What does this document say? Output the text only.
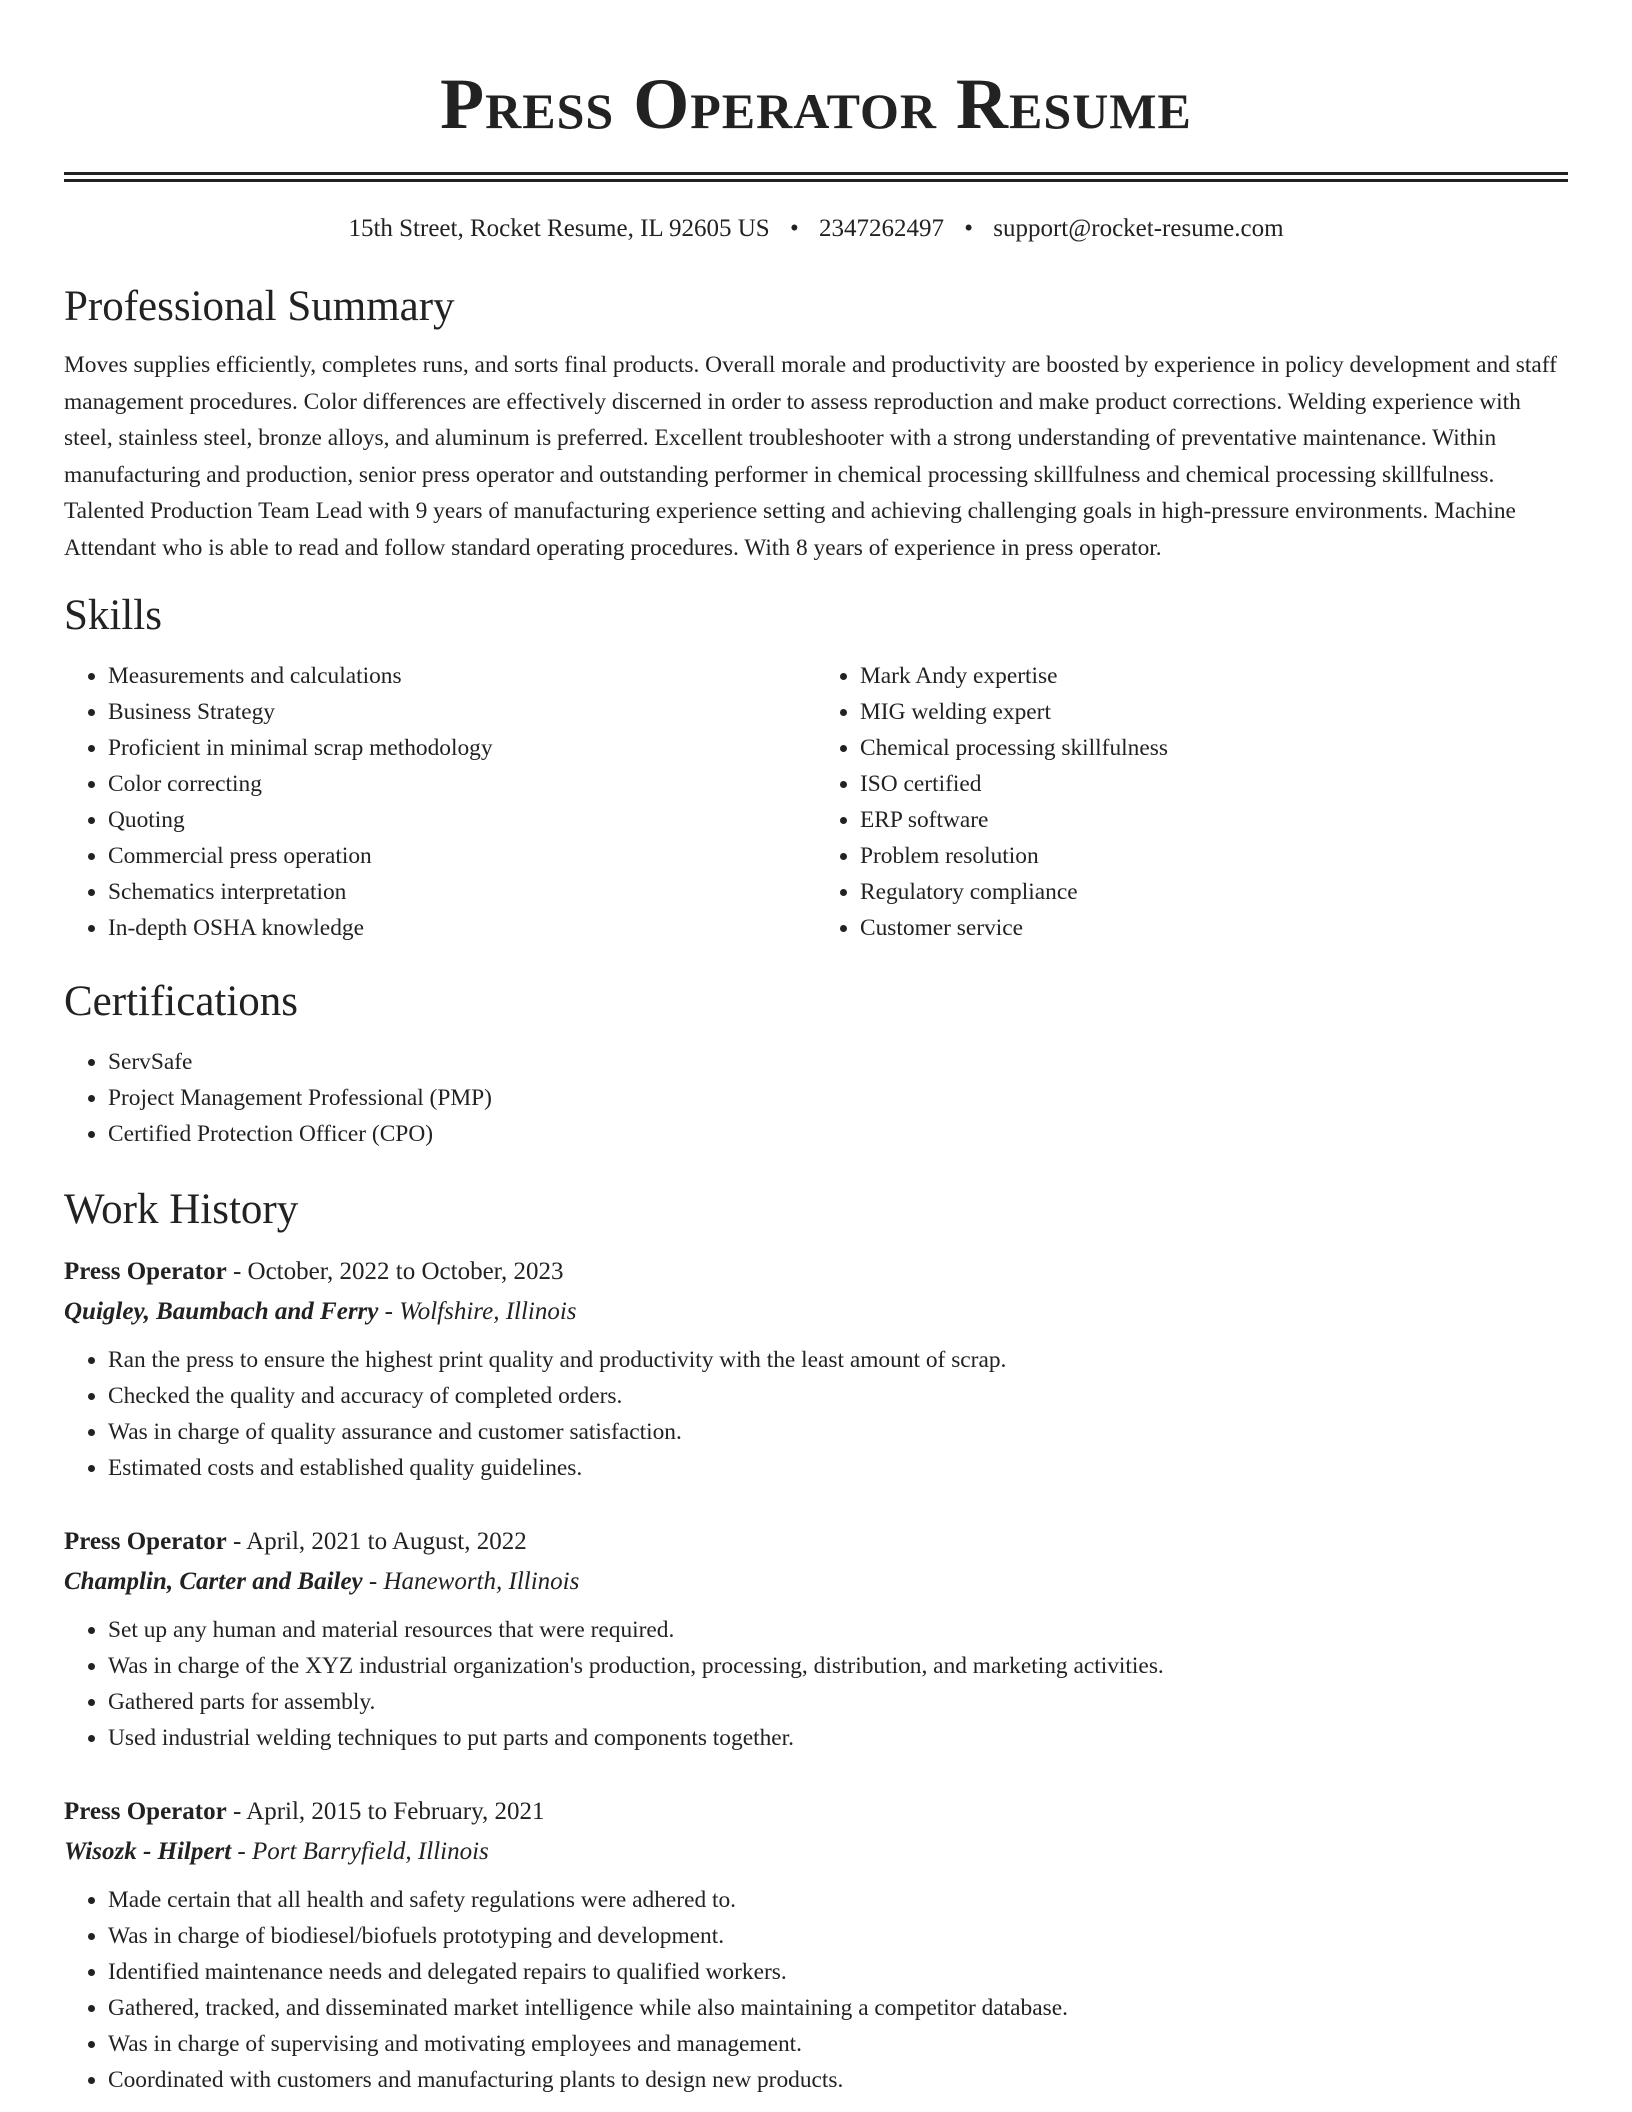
Press Operator Resume
15th Street, Rocket Resume, IL 92605 US • 2347262497 • support@rocket-resume.com
Professional Summary

Moves supplies efficiently, completes runs, and sorts final products. Overall morale and productivity are boosted by experience in policy development and staff management procedures. Color differences are effectively discerned in order to assess reproduction and make product corrections. Welding experience with steel, stainless steel, bronze alloys, and aluminum is preferred. Excellent troubleshooter with a strong understanding of preventative maintenance. Within manufacturing and production, senior press operator and outstanding performer in chemical processing skillfulness and chemical processing skillfulness. Talented Production Team Lead with 9 years of manufacturing experience setting and achieving challenging goals in high-pressure environments. Machine Attendant who is able to read and follow standard operating procedures. With 8 years of experience in press operator.

Skills
• Measurements and calculations
• Business Strategy
• Proficient in minimal scrap methodology
• Color correcting
• Quoting
• Commercial press operation
• Schematics interpretation
• In-depth OSHA knowledge
• Mark Andy expertise
• MIG welding expert
• Chemical processing skillfulness
• ISO certified
• ERP software
• Problem resolution
• Regulatory compliance
• Customer service
Certifications
• ServSafe
• Project Management Professional (PMP)
• Certified Protection Officer (CPO)
Work History
Press Operator - October, 2022 to October, 2023
Quigley, Baumbach and Ferry - Wolfshire, Illinois
• Ran the press to ensure the highest print quality and productivity with the least amount of scrap.
• Checked the quality and accuracy of completed orders.
• Was in charge of quality assurance and customer satisfaction.
• Estimated costs and established quality guidelines.
Press Operator - April, 2021 to August, 2022
Champlin, Carter and Bailey - Haneworth, Illinois
• Set up any human and material resources that were required.
• Was in charge of the XYZ industrial organization's production, processing, distribution, and marketing activities.
• Gathered parts for assembly.
• Used industrial welding techniques to put parts and components together.
Press Operator - April, 2015 to February, 2021
Wisozk - Hilpert - Port Barryfield, Illinois
• Made certain that all health and safety regulations were adhered to.
• Was in charge of biodiesel/biofuels prototyping and development.
• Identified maintenance needs and delegated repairs to qualified workers.
• Gathered, tracked, and disseminated market intelligence while also maintaining a competitor database.
• Was in charge of supervising and motivating employees and management.
• Coordinated with customers and manufacturing plants to design new products.
